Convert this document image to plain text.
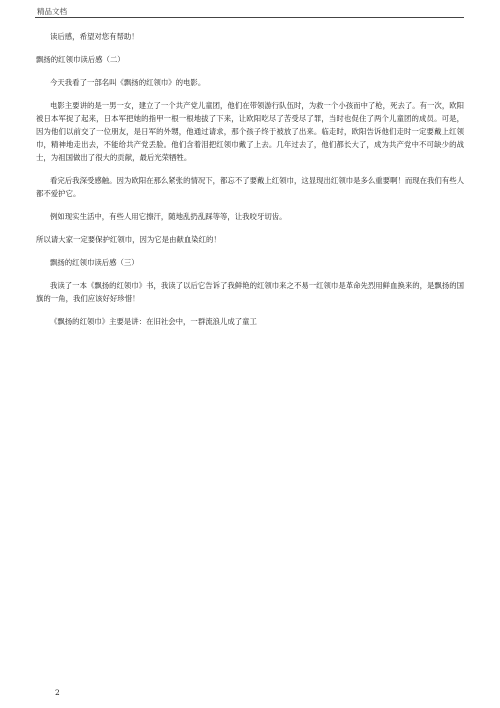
精品文档

读后感，希望对您有帮助！

飘扬的红领巾读后感（二）

今天我看了一部名叫《飘扬的红领巾》的电影。

电影主要讲的是一男一女，建立了一个共产党儿童团，他们在带领游行队伍时，为救一个小孩而中了枪，死去了。有一次，欧阳被日本军捉了起来，日本军把她的指甲一根一根地拔了下来，让欧阳吃尽了苦受尽了罪，当时也促住了两个儿童团的成员。可是，因为他们以前交了一位朋友，是日军的外甥，他通过请求，那个孩子终于被放了出来。临走时，欧阳告诉他们走时一定要戴上红领巾，精神地走出去，不能给共产党丢脸。他们含着泪把红领巾戴了上去。几年过去了，他们都长大了，成为共产党中不可缺少的战士，为祖国做出了很大的贡献，最后光荣牺牲。

看完后我深受感触。因为欧阳在那么紧张的情况下，都忘不了要戴上红领巾，这显现出红领巾是多么重要啊！而现在我们有些人都不爱护它。

例如现实生活中，有些人用它擦汗，随地乱扔乱踩等等，让我咬牙切齿。

所以请大家一定要保护红领巾，因为它是由献血染红的！

飘扬的红领巾读后感（三）

我读了一本《飘扬的红领巾》书，我读了以后它告诉了我鲜艳的红领巾来之不易一红领巾是革命先烈用鲜血换来的，是飘扬的国旗的一角，我们应该好好珍惜！

《飘扬的红领巾》主要是讲：在旧社会中，一群流浪儿成了童工

2
